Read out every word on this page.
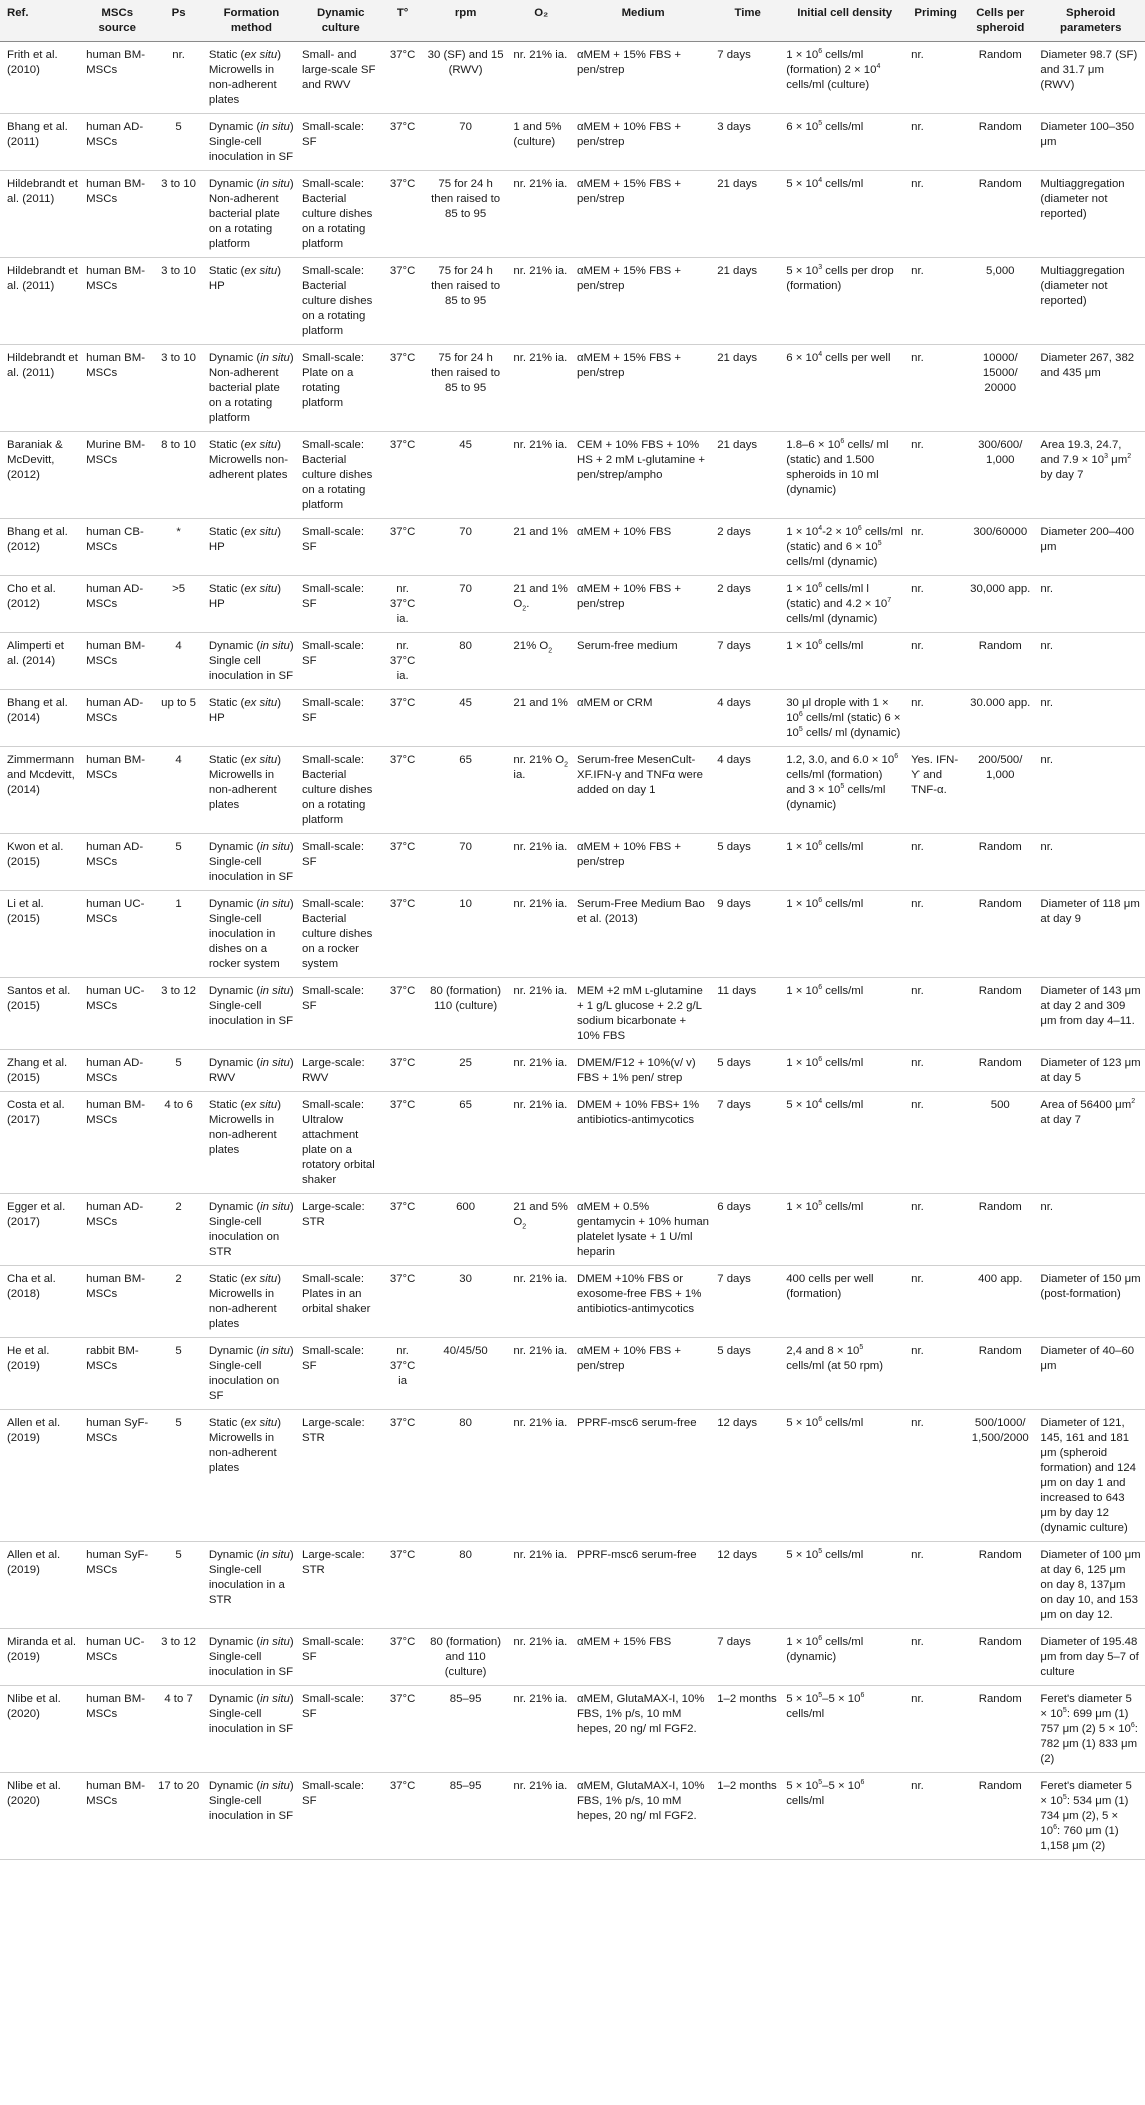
Ref.	MSCs source	Ps	Formation method	Dynamic culture	T°	rpm	O₂	Medium	Time	Initial cell density	Priming	Cells per spheroid	Spheroid parameters
Frith et al. (2010)	human BM-MSCs	nr.	Static (ex situ) Microwells in non-adherent plates	Small- and large-scale SF and RWV	37°C	30 (SF) and 15 (RWV)	nr. 21% ia.	αMEM + 15% FBS + pen/strep	7 days	$1 \times 10^6$ cells/ml (formation) $2 \times 10^4$ cells/ml (culture)	nr.	Random	Diameter 98.7 (SF) and 31.7 μm (RWV)
Bhang et al. (2011)	human AD-MSCs	5	Dynamic (in situ) Single-cell inoculation in SF	Small-scale: SF	37°C	70	1 and 5% (culture)	αMEM + 10% FBS + pen/strep	3 days	$6 \times 10^5$ cells/ml	nr.	Random	Diameter 100–350 μm
Hildebrandt et al. (2011)	human BM-MSCs	3 to 10	Dynamic (in situ) Non-adherent bacterial plate on a rotating platform	Small-scale: Bacterial culture dishes on a rotating platform	37°C	75 for 24 h then raised to 85 to 95	nr. 21% ia.	αMEM + 15% FBS + pen/strep	21 days	$5 \times 10^4$ cells/ml	nr.	Random	Multiaggregation (diameter not reported)
Hildebrandt et al. (2011)	human BM-MSCs	3 to 10	Static (ex situ) HP	Small-scale: Bacterial culture dishes on a rotating platform	37°C	75 for 24 h then raised to 85 to 95	nr. 21% ia.	αMEM + 15% FBS + pen/strep	21 days	$5 \times 10^3$ cells per drop (formation)	nr.	5,000	Multiaggregation (diameter not reported)
Hildebrandt et al. (2011)	human BM-MSCs	3 to 10	Dynamic (in situ) Non-adherent bacterial plate on a rotating platform	Small-scale: Plate on a rotating platform	37°C	75 for 24 h then raised to 85 to 95	nr. 21% ia.	αMEM + 15% FBS + pen/strep	21 days	$6 \times 10^4$ cells per well	nr.	10000/ 15000/ 20000	Diameter 267, 382 and 435 μm
Baraniak & McDevitt, (2012)	Murine BM-MSCs	8 to 10	Static (ex situ) Microwells non-adherent plates	Small-scale: Bacterial culture dishes on a rotating platform	37°C	45	nr. 21% ia.	CEM + 10% FBS + 10% HS + 2 mM ʟ-glutamine + pen/strep/ampho	21 days	$1.8-6 \times 10^6$ cells/ ml (static) and 1.500 spheroids in 10 ml (dynamic)	nr.	300/600/ 1,000	Area 19.3, 24.7, and $7.9 \times 10^3$ $\mu m^2$ by day 7
Bhang et al. (2012)	human CB-MSCs	*	Static (ex situ) HP	Small-scale: SF	37°C	70	21 and 1%	αMEM + 10% FBS	2 days	$1 \times 10^4-2 \times 10^6$ cells/ml (static) and $6 \times 10^5$ cells/ml (dynamic)	nr.	300/60000	Diameter 200–400 μm
Cho et al. (2012)	human AD-MSCs	>5	Static (ex situ) HP	Small-scale: SF	nr. 37°C ia.	70	21 and 1% $O_2$.	αMEM + 10% FBS + pen/strep	2 days	$1 \times 10^6$ cells/ml l (static) and $4.2 \times 10^7$ cells/ml (dynamic)	nr.	30,000 app.	nr.
Alimperti et al. (2014)	human BM-MSCs	4	Dynamic (in situ) Single cell inoculation in SF	Small-scale: SF	nr. 37°C ia.	80	21% $O_2$	Serum-free medium	7 days	$1 \times 10^6$ cells/ml	nr.	Random	nr.
Bhang et al. (2014)	human AD-MSCs	up to 5	Static (ex situ) HP	Small-scale: SF	37°C	45	21 and 1%	αMEM or CRM	4 days	30 μl drople with $1 \times 10^6$ cells/ml (static) $6 \times 10^5$ cells/ ml (dynamic)	nr.	30.000 app.	nr.
Zimmermann and Mcdevitt, (2014)	human BM-MSCs	4	Static (ex situ) Microwells in non-adherent plates	Small-scale: Bacterial culture dishes on a rotating platform	37°C	65	nr. 21% $O_2$ ia.	Serum-free MesenCult-XF.IFN-γ and TNFα were added on day 1	4 days	1.2, 3.0, and $6.0 \times 10^6$ cells/ml (formation) and $3 \times 10^5$ cells/ml (dynamic)	Yes. IFN-ϒ and TNF-α.	200/500/ 1,000	nr.
Kwon et al. (2015)	human AD-MSCs	5	Dynamic (in situ) Single-cell inoculation in SF	Small-scale: SF	37°C	70	nr. 21% ia.	αMEM + 10% FBS + pen/strep	5 days	$1 \times 10^6$ cells/ml	nr.	Random	nr.
Li et al. (2015)	human UC-MSCs	1	Dynamic (in situ) Single-cell inoculation in dishes on a rocker system	Small-scale: Bacterial culture dishes on a rocker system	37°C	10	nr. 21% ia.	Serum-Free Medium Bao et al. (2013)	9 days	$1 \times 10^6$ cells/ml	nr.	Random	Diameter of 118 μm at day 9
Santos et al. (2015)	human UC-MSCs	3 to 12	Dynamic (in situ) Single-cell inoculation in SF	Small-scale: SF	37°C	80 (formation) 110 (culture)	nr. 21% ia.	MEM +2 mM ʟ-glutamine + 1 g/L glucose + 2.2 g/L sodium bicarbonate + 10% FBS	11 days	$1 \times 10^6$ cells/ml	nr.	Random	Diameter of 143 μm at day 2 and 309 μm from day 4–11.
Zhang et al. (2015)	human AD-MSCs	5	Dynamic (in situ) RWV	Large-scale: RWV	37°C	25	nr. 21% ia.	DMEM/F12 + 10%(v/ v) FBS + 1% pen/ strep	5 days	$1 \times 10^6$ cells/ml	nr.	Random	Diameter of 123 μm at day 5
Costa et al. (2017)	human BM-MSCs	4 to 6	Static (ex situ) Microwells in non-adherent plates	Small-scale: Ultralow attachment plate on a rotatory orbital shaker	37°C	65	nr. 21% ia.	DMEM + 10% FBS+ 1% antibiotics-antimycotics	7 days	$5 \times 10^4$ cells/ml	nr.	500	Area of 56400 $\mu m^2$ at day 7
Egger et al. (2017)	human AD-MSCs	2	Dynamic (in situ) Single-cell inoculation on STR	Large-scale: STR	37°C	600	21 and 5% $O_2$	αMEM + 0.5% gentamycin + 10% human platelet lysate + 1 U/ml heparin	6 days	$1 \times 10^5$ cells/ml	nr.	Random	nr.
Cha et al. (2018)	human BM-MSCs	2	Static (ex situ) Microwells in non-adherent plates	Small-scale: Plates in an orbital shaker	37°C	30	nr. 21% ia.	DMEM +10% FBS or exosome-free FBS + 1% antibiotics-antimycotics	7 days	400 cells per well (formation)	nr.	400 app.	Diameter of 150 μm (post-formation)
He et al. (2019)	rabbit BM-MSCs	5	Dynamic (in situ) Single-cell inoculation on SF	Small-scale: SF	nr. 37°C ia	40/45/50	nr. 21% ia.	αMEM + 10% FBS + pen/strep	5 days	2,4 and $8 \times 10^5$ cells/ml (at 50 rpm)	nr.	Random	Diameter of 40–60 μm
Allen et al. (2019)	human SyF-MSCs	5	Static (ex situ) Microwells in non-adherent plates	Large-scale: STR	37°C	80	nr. 21% ia.	PPRF-msc6 serum-free	12 days	$5 \times 10^6$ cells/ml	nr.	500/1000/ 1,500/2000	Diameter of 121, 145, 161 and 181 μm (spheroid formation) and 124 μm on day 1 and increased to 643 μm by day 12 (dynamic culture)
Allen et al. (2019)	human SyF-MSCs	5	Dynamic (in situ) Single-cell inoculation in a STR	Large-scale: STR	37°C	80	nr. 21% ia.	PPRF-msc6 serum-free	12 days	$5 \times 10^5$ cells/ml	nr.	Random	Diameter of 100 μm at day 6, 125 μm on day 8, 137μm on day 10, and 153 μm on day 12.
Miranda et al. (2019)	human UC-MSCs	3 to 12	Dynamic (in situ) Single-cell inoculation in SF	Small-scale: SF	37°C	80 (formation) and 110 (culture)	nr. 21% ia.	αMEM + 15% FBS	7 days	$1 \times 10^6$ cells/ml (dynamic)	nr.	Random	Diameter of 195.48 μm from day 5–7 of culture
Nlibe et al. (2020)	human BM-MSCs	4 to 7	Dynamic (in situ) Single-cell inoculation in SF	Small-scale: SF	37°C	85–95	nr. 21% ia.	αMEM, GlutaMAX-I, 10% FBS, 1% p/s, 10 mM hepes, 20 ng/ ml FGF2.	1–2 months	$5 \times 10^5-5 \times 10^6$ cells/ml	nr.	Random	Feret's diameter $5 \times 10^5$: 699 μm (1) 757 μm (2) $5 \times 10^6$: 782 μm (1) 833 μm (2)
Nlibe et al. (2020)	human BM-MSCs	17 to 20	Dynamic (in situ) Single-cell inoculation in SF	Small-scale: SF	37°C	85–95	nr. 21% ia.	αMEM, GlutaMAX-I, 10% FBS, 1% p/s, 10 mM hepes, 20 ng/ ml FGF2.	1–2 months	$5 \times 10^5-5 \times 10^6$ cells/ml	nr.	Random	Feret's diameter $5 \times 10^5$: 534 μm (1) 734 μm (2), $5 \times 10^6$: 760 μm (1) 1,158 μm (2)
